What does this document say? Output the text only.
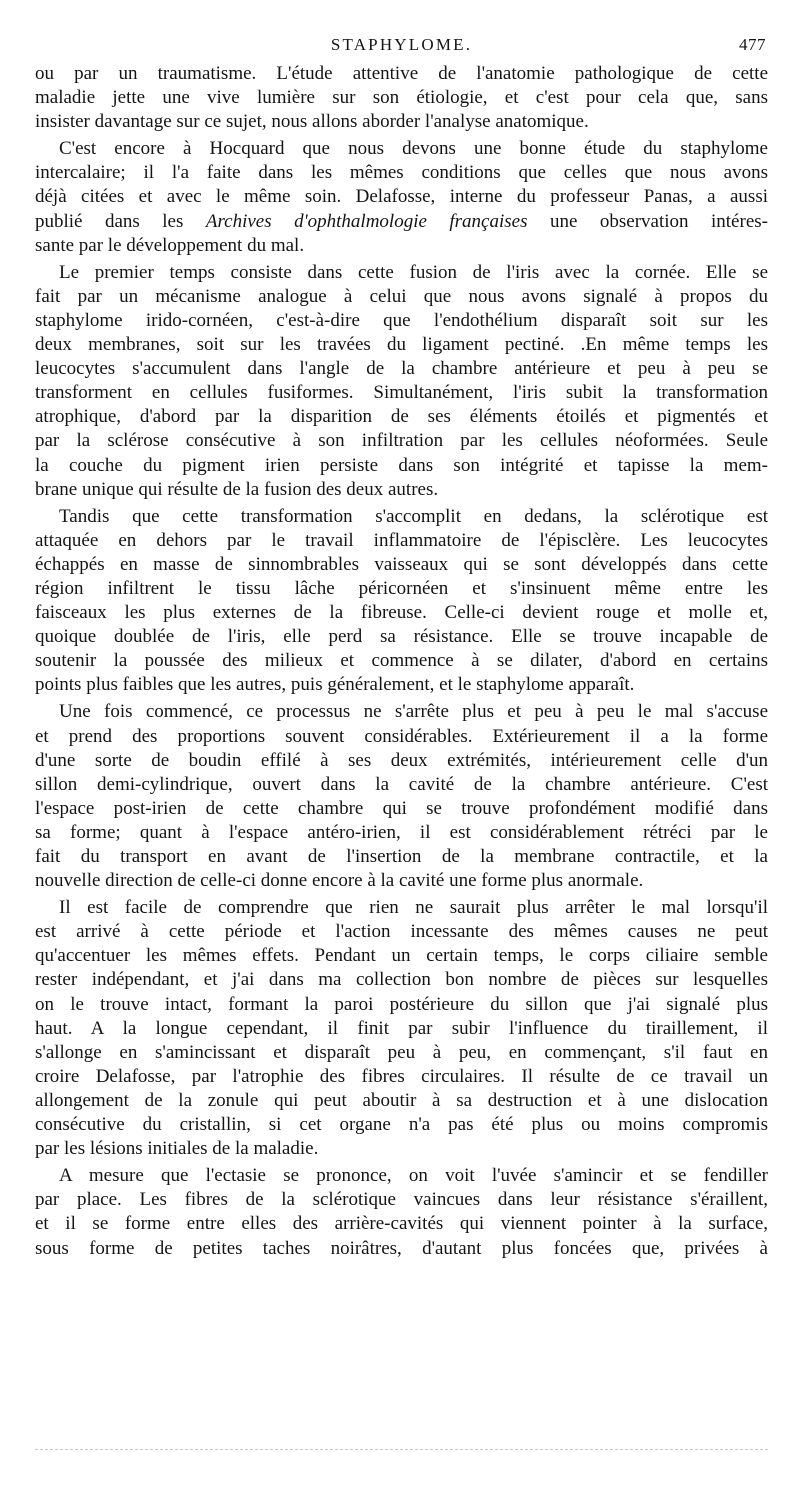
STAPHYLOME.	477
ou par un traumatisme. L'étude attentive de l'anatomie pathologique de cette
maladie jette une vive lumière sur son étiologie, et c'est pour cela que, sans
insister davantage sur ce sujet, nous allons aborder l'analyse anatomique.
C'est encore à Hocquard que nous devons une bonne étude du staphylome
intercalaire; il l'a faite dans les mêmes conditions que celles que nous avons
déjà citées et avec le même soin. Delafosse, interne du professeur Panas, a aussi
publié dans les Archives d'ophthalmologie françaises une observation intéres-
sante par le développement du mal.
Le premier temps consiste dans cette fusion de l'iris avec la cornée. Elle se
fait par un mécanisme analogue à celui que nous avons signalé à propos du
staphylome irido-cornéen, c'est-à-dire que l'endothélium disparaît soit sur les
deux membranes, soit sur les travées du ligament pectiné. .En même temps les
leucocytes s'accumulent dans l'angle de la chambre antérieure et peu à peu se
transforment en cellules fusiformes. Simultanément, l'iris subit la transformation
atrophique, d'abord par la disparition de ses éléments étoilés et pigmentés et
par la sclérose consécutive à son infiltration par les cellules néoformées. Seule
la couche du pigment irien persiste dans son intégrité et tapisse la mem-
brane unique qui résulte de la fusion des deux autres.
Tandis que cette transformation s'accomplit en dedans, la sclérotique est
attaquée en dehors par le travail inflammatoire de l'épisclère. Les leucocytes
échappés en masse de sinnombrables vaisseaux qui se sont développés dans cette
région infiltrent le tissu lâche péricornéen et s'insinuent même entre les
faisceaux les plus externes de la fibreuse. Celle-ci devient rouge et molle et,
quoique doublée de l'iris, elle perd sa résistance. Elle se trouve incapable de
soutenir la poussée des milieux et commence à se dilater, d'abord en certains
points plus faibles que les autres, puis généralement, et le staphylome apparaît.
Une fois commencé, ce processus ne s'arrête plus et peu à peu le mal s'accuse
et prend des proportions souvent considérables. Extérieurement il a la forme
d'une sorte de boudin effilé à ses deux extrémités, intérieurement celle d'un
sillon demi-cylindrique, ouvert dans la cavité de la chambre antérieure. C'est
l'espace post-irien de cette chambre qui se trouve profondément modifié dans
sa forme; quant à l'espace antéro-irien, il est considérablement rétréci par le
fait du transport en avant de l'insertion de la membrane contractile, et la
nouvelle direction de celle-ci donne encore à la cavité une forme plus anormale.
Il est facile de comprendre que rien ne saurait plus arrêter le mal lorsqu'il
est arrivé à cette période et l'action incessante des mêmes causes ne peut
qu'accentuer les mêmes effets. Pendant un certain temps, le corps ciliaire semble
rester indépendant, et j'ai dans ma collection bon nombre de pièces sur lesquelles
on le trouve intact, formant la paroi postérieure du sillon que j'ai signalé plus
haut. A la longue cependant, il finit par subir l'influence du tiraillement, il
s'allonge en s'amincissant et disparaît peu à peu, en commençant, s'il faut en
croire Delafosse, par l'atrophie des fibres circulaires. Il résulte de ce travail un
allongement de la zonule qui peut aboutir à sa destruction et à une dislocation
consécutive du cristallin, si cet organe n'a pas été plus ou moins compromis
par les lésions initiales de la maladie.
A mesure que l'ectasie se prononce, on voit l'uvée s'amincir et se fendiller
par place. Les fibres de la sclérotique vaincues dans leur résistance s'éraillent,
et il se forme entre elles des arrière-cavités qui viennent pointer à la surface,
sous forme de petites taches noirâtres, d'autant plus foncées que, privées à
